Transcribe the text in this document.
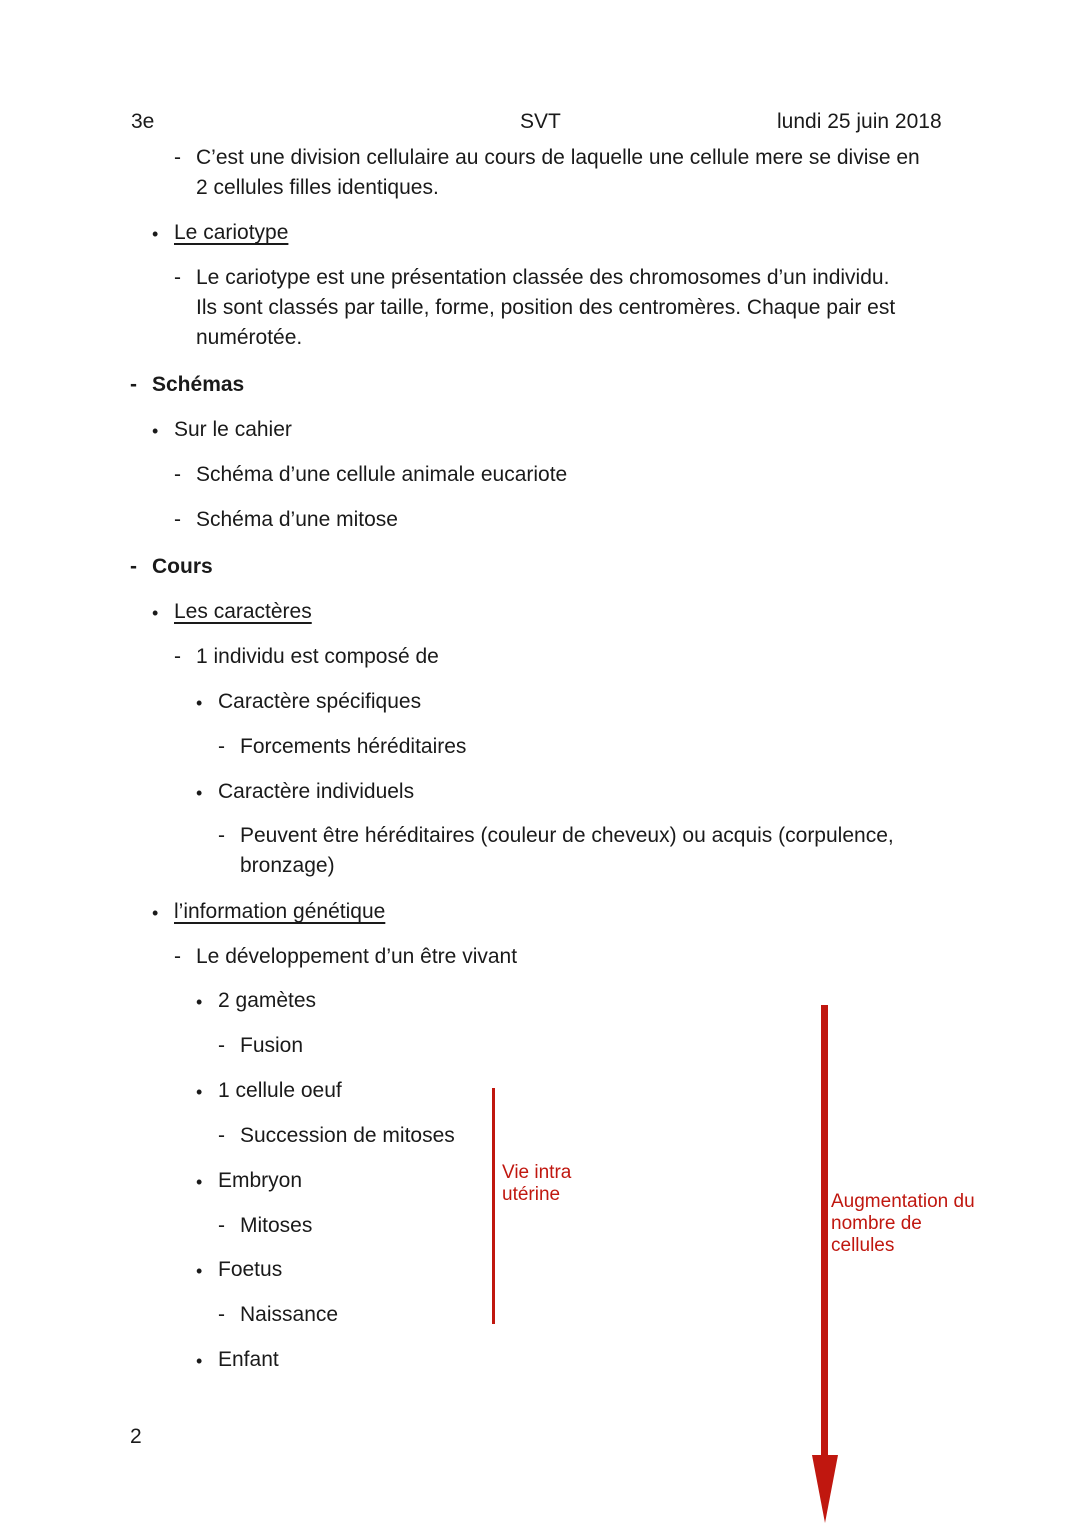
3e	SVT	lundi 25 juin 2018
- C’est une division cellulaire au cours de laquelle une cellule mere se divise en
2 cellules filles identiques.
• Le cariotype
- Le cariotype est une présentation classée des chromosomes d’un individu.
Ils sont classés par taille, forme, position des centromères. Chaque pair est
numérotée.
- Schémas
• Sur le cahier
- Schéma d’une cellule animale eucariote
- Schéma d’une mitose
- Cours
• Les caractères
- 1 individu est composé de
• Caractère spécifiques
- Forcements héréditaires
• Caractère individuels
- Peuvent être héréditaires (couleur de cheveux) ou acquis (corpulence,
bronzage)
• l’information génétique
- Le développement d’un être vivant
• 2 gamètes
- Fusion
• 1 cellule oeuf
- Succession de mitoses
• Embryon
- Mitoses
• Foetus
- Naissance
• Enfant
Vie intra
utérine	Augmentation du
nombre de
cellules
2
